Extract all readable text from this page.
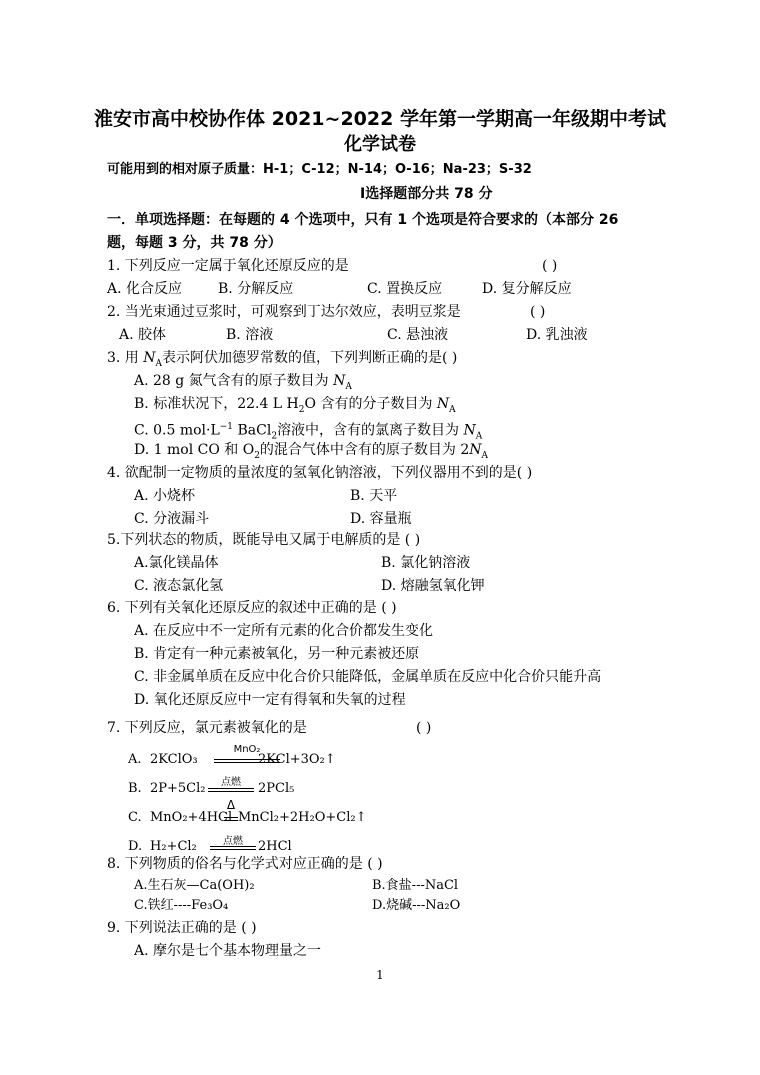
淮安市高中校协作体 2021~2022 学年第一学期高一年级期中考试
化学试卷
可能用到的相对原子质量：H-1；C-12；N-14；O-16；Na-23；S-32
Ⅰ选择题部分共 78 分
一．单项选择题：在每题的 4 个选项中，只有 1 个选项是符合要求的（本部分 26
题，每题 3 分，共 78 分）
1. 下列反应一定属于氧化还原反应的是	( )
A. 化合反应	B. 分解反应	C. 置换反应	D. 复分解反应
2. 当光束通过豆浆时，可观察到丁达尔效应，表明豆浆是	( )
A. 胶体	B. 溶液	C. 悬浊液	D. 乳浊液
3. 用 $N_A$表示阿伏加德罗常数的值，下列判断正确的是( )
A. 28 g 氮气含有的原子数目为 $N_A$
B. 标准状况下，22.4 L $H_2O$ 含有的分子数目为 $N_A$
C. 0.5 $mol\cdot L^{-1}$ BaCl$_2$溶液中，含有的氯离子数目为 $N_A$
D. 1 mol CO 和 $O_2$的混合气体中含有的原子数目为 $2N_A$
4. 欲配制一定物质的量浓度的氢氧化钠溶液，下列仪器用不到的是( )
A. 小烧杯	B. 天平
C. 分液漏斗	D. 容量瓶
5.下列状态的物质，既能导电又属于电解质的是 ( )
A.氯化镁晶体	B. 氯化钠溶液
C. 液态氯化氢	D. 熔融氢氧化钾
6. 下列有关氧化还原反应的叙述中正确的是 ( )
A. 在反应中不一定所有元素的化合价都发生变化
B. 肯定有一种元素被氧化，另一种元素被还原
C. 非金属单质在反应中化合价只能降低，金属单质在反应中化合价只能升高
D. 氧化还原反应中一定有得氧和失氧的过程
7. 下列反应，氯元素被氧化的是	( )
A. 2KClO₃
MnO₂
2KCl+3O₂↑
B. 2P+5Cl₂	点燃	2PCl₅
C. MnO₂+4HCl
Δ
MnCl₂+2H₂O+Cl₂↑
D. H₂+Cl₂	点燃	2HCl
8. 下列物质的俗名与化学式对应正确的是 ( )
A.生石灰—Ca(OH)₂	B.食盐---NaCl
C.铁红----Fe₃O₄	D.烧碱---Na₂O
9. 下列说法正确的是 ( )
A. 摩尔是七个基本物理量之一
1
